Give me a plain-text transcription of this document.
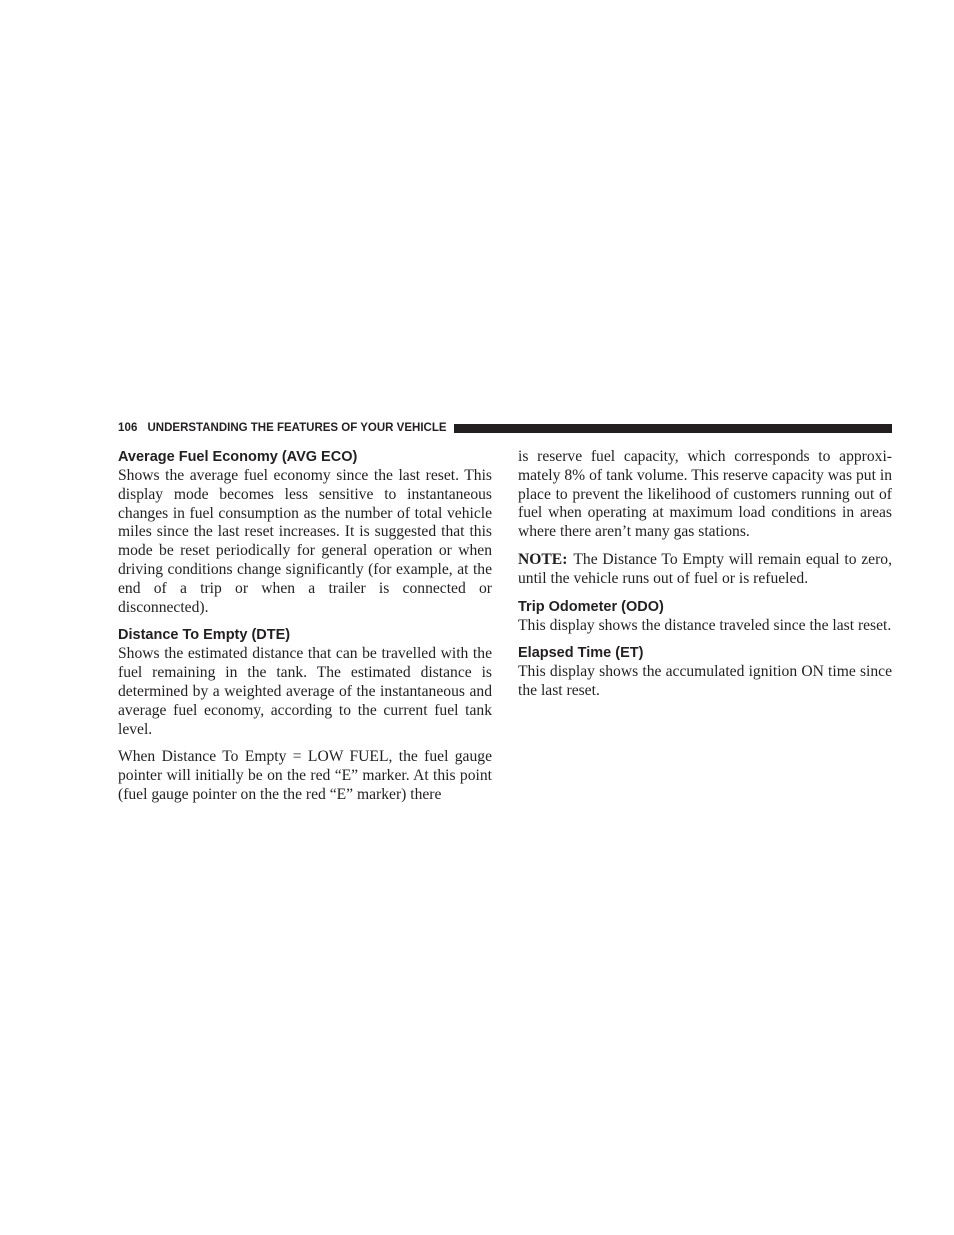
106 UNDERSTANDING THE FEATURES OF YOUR VEHICLE
Average Fuel Economy (AVG ECO)

Shows the average fuel economy since the last reset. This display mode becomes less sensitive to instantaneous changes in fuel consumption as the number of total vehicle miles since the last reset increases. It is suggested that this mode be reset periodically for general operation or when driving conditions change significantly (for example, at the end of a trip or when a trailer is connected or disconnected).

Distance To Empty (DTE)

Shows the estimated distance that can be travelled with the fuel remaining in the tank. The estimated distance is determined by a weighted average of the instantaneous and average fuel economy, according to the current fuel tank level.

When Distance To Empty = LOW FUEL, the fuel gauge pointer will initially be on the red “E” marker. At this point (fuel gauge pointer on the the red “E” marker) there

is reserve fuel capacity, which corresponds to approxi-mately 8% of tank volume. This reserve capacity was put in place to prevent the likelihood of customers running out of fuel when operating at maximum load conditions in areas where there aren’t many gas stations.

NOTE: The Distance To Empty will remain equal to zero, until the vehicle runs out of fuel or is refueled.

Trip Odometer (ODO)

This display shows the distance traveled since the last reset.

Elapsed Time (ET)

This display shows the accumulated ignition ON time since the last reset.
